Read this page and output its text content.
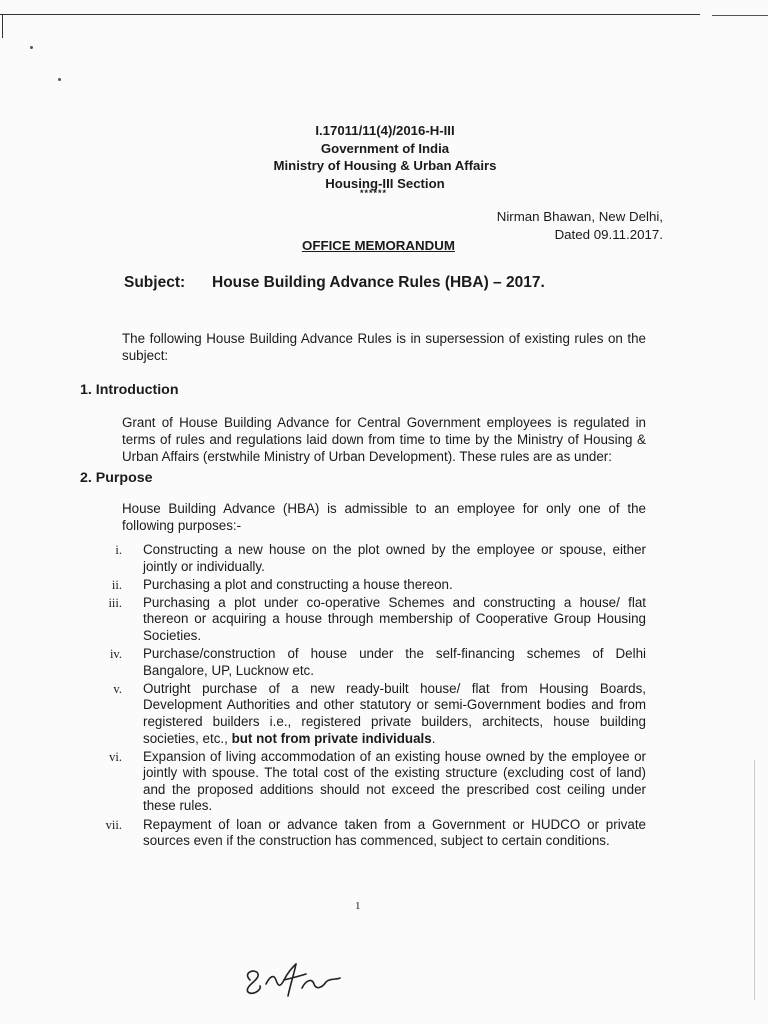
I.17011/11(4)/2016-H-III
Government of India
Ministry of Housing & Urban Affairs
Housing-III Section
******
Nirman Bhawan, New Delhi,
Dated 09.11.2017.
OFFICE MEMORANDUM
Subject: House Building Advance Rules (HBA) – 2017.
The following House Building Advance Rules is in supersession of existing rules on the subject:
1. Introduction
Grant of House Building Advance for Central Government employees is regulated in terms of rules and regulations laid down from time to time by the Ministry of Housing & Urban Affairs (erstwhile Ministry of Urban Development). These rules are as under:
2. Purpose
House Building Advance (HBA) is admissible to an employee for only one of the following purposes:-
i. Constructing a new house on the plot owned by the employee or spouse, either jointly or individually.
ii. Purchasing a plot and constructing a house thereon.
iii. Purchasing a plot under co-operative Schemes and constructing a house/ flat thereon or acquiring a house through membership of Cooperative Group Housing Societies.
iv. Purchase/construction of house under the self-financing schemes of Delhi Bangalore, UP, Lucknow etc.
v. Outright purchase of a new ready-built house/ flat from Housing Boards, Development Authorities and other statutory or semi-Government bodies and from registered builders i.e., registered private builders, architects, house building societies, etc., but not from private individuals.
vi. Expansion of living accommodation of an existing house owned by the employee or jointly with spouse. The total cost of the existing structure (excluding cost of land) and the proposed additions should not exceed the prescribed cost ceiling under these rules.
vii. Repayment of loan or advance taken from a Government or HUDCO or private sources even if the construction has commenced, subject to certain conditions.
1
